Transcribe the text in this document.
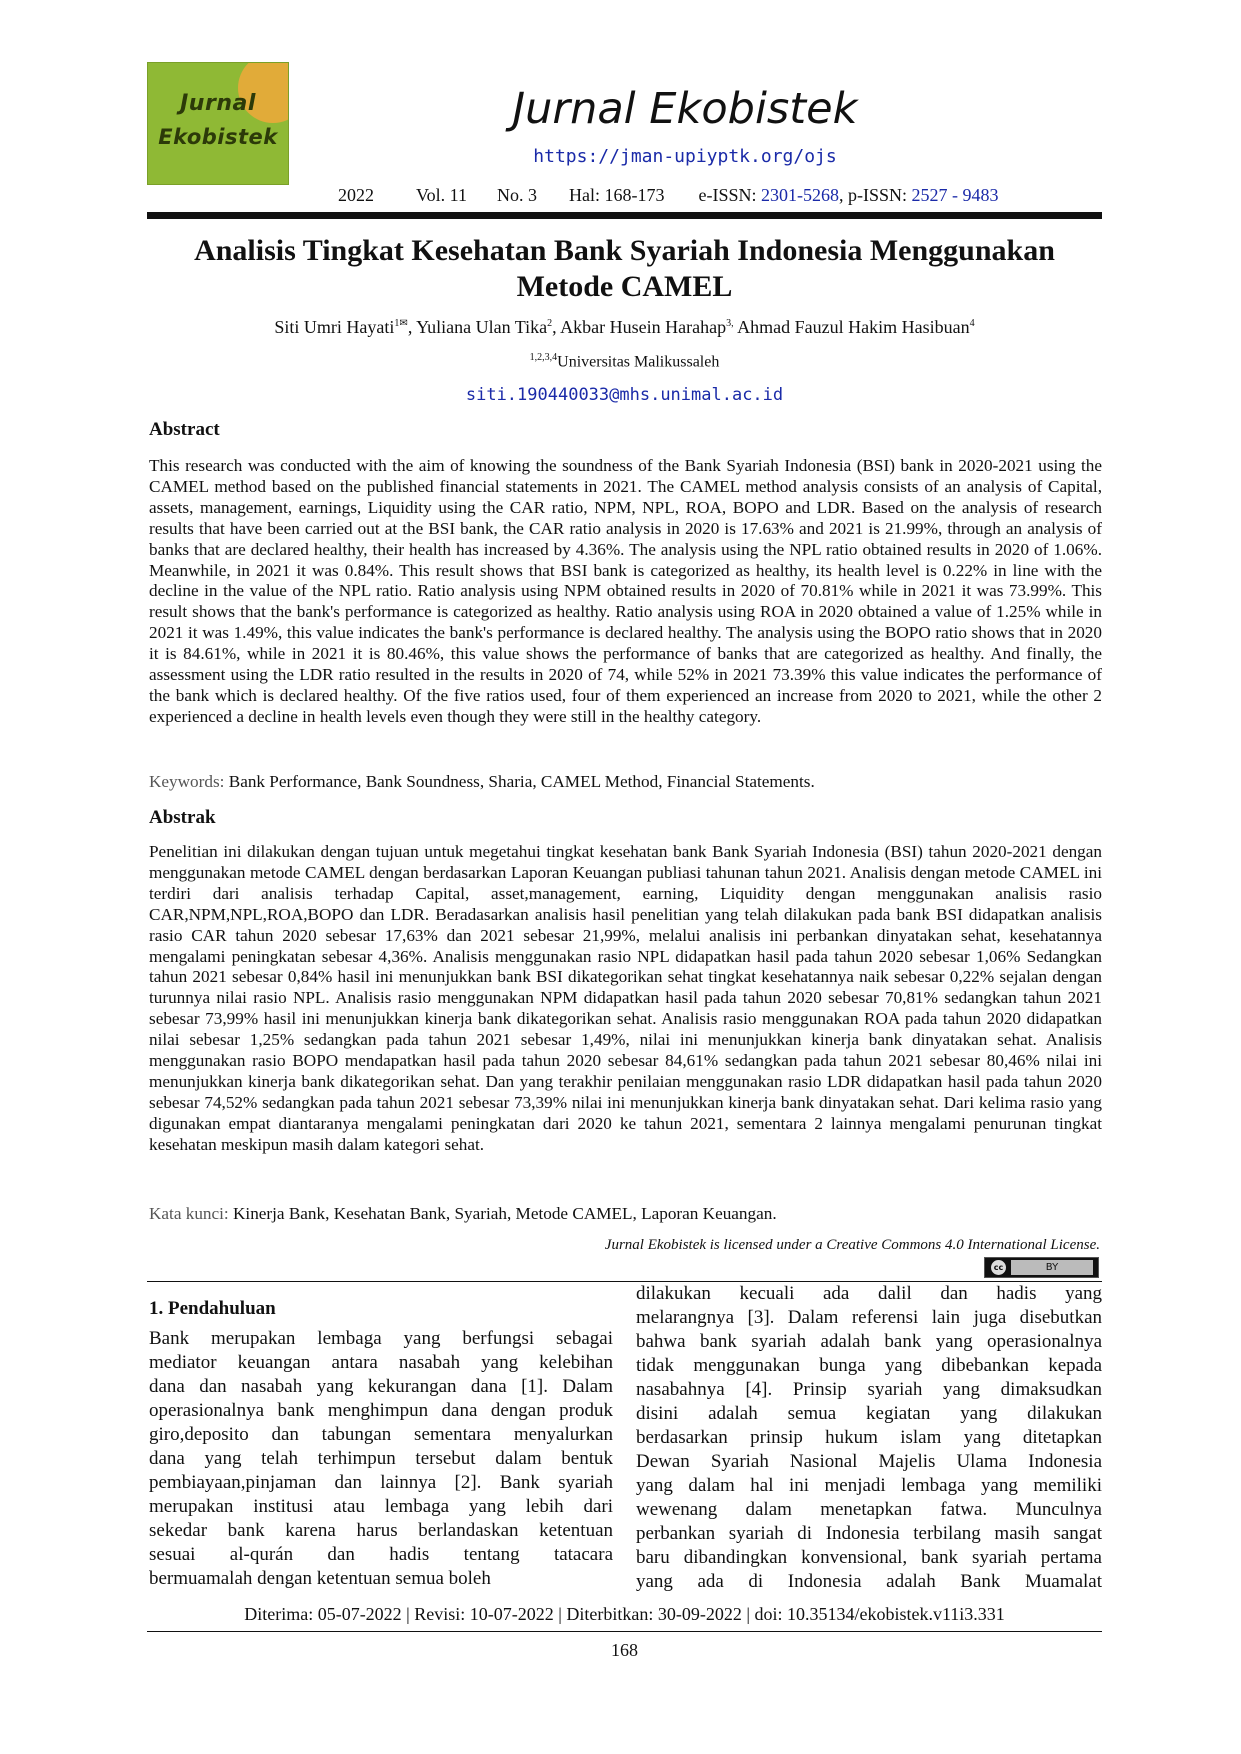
Jurnal
Ekobistek
Jurnal Ekobistek
https://jman-upiyptk.org/ojs
2022 Vol. 11 No. 3 Hal: 168-173 e-ISSN: 2301-5268, p-ISSN: 2527 - 9483
Analisis Tingkat Kesehatan Bank Syariah Indonesia Menggunakan
Metode CAMEL
Siti Umri Hayati$^{1✉}$, Yuliana Ulan Tika$^2$, Akbar Husein Harahap$^{3,}$ Ahmad Fauzul Hakim Hasibuan$^4$
$^{1,2,3,4}$Universitas Malikussaleh
siti.190440033@mhs.unimal.ac.id
Abstract
This research was conducted with the aim of knowing the soundness of the Bank Syariah Indonesia (BSI) bank in 2020-2021 using the CAMEL method based on the published financial statements in 2021. The CAMEL method analysis consists of an analysis of Capital, assets, management, earnings, Liquidity using the CAR ratio, NPM, NPL, ROA, BOPO and LDR. Based on the analysis of research results that have been carried out at the BSI bank, the CAR ratio analysis in 2020 is 17.63% and 2021 is 21.99%, through an analysis of banks that are declared healthy, their health has increased by 4.36%. The analysis using the NPL ratio obtained results in 2020 of 1.06%. Meanwhile, in 2021 it was 0.84%. This result shows that BSI bank is categorized as healthy, its health level is 0.22% in line with the decline in the value of the NPL ratio. Ratio analysis using NPM obtained results in 2020 of 70.81% while in 2021 it was 73.99%. This result shows that the bank's performance is categorized as healthy. Ratio analysis using ROA in 2020 obtained a value of 1.25% while in 2021 it was 1.49%, this value indicates the bank's performance is declared healthy. The analysis using the BOPO ratio shows that in 2020 it is 84.61%, while in 2021 it is 80.46%, this value shows the performance of banks that are categorized as healthy. And finally, the assessment using the LDR ratio resulted in the results in 2020 of 74, while 52% in 2021 73.39% this value indicates the performance of the bank which is declared healthy. Of the five ratios used, four of them experienced an increase from 2020 to 2021, while the other 2 experienced a decline in health levels even though they were still in the healthy category.
Keywords: Bank Performance, Bank Soundness, Sharia, CAMEL Method, Financial Statements.
Abstrak
Penelitian ini dilakukan dengan tujuan untuk megetahui tingkat kesehatan bank Bank Syariah Indonesia (BSI) tahun 2020-2021 dengan menggunakan metode CAMEL dengan berdasarkan Laporan Keuangan publiasi tahunan tahun 2021. Analisis dengan metode CAMEL ini terdiri dari analisis terhadap Capital, asset,management, earning, Liquidity dengan menggunakan analisis rasio CAR,NPM,NPL,ROA,BOPO dan LDR. Beradasarkan analisis hasil penelitian yang telah dilakukan pada bank BSI didapatkan analisis rasio CAR tahun 2020 sebesar 17,63% dan 2021 sebesar 21,99%, melalui analisis ini perbankan dinyatakan sehat, kesehatannya mengalami peningkatan sebesar 4,36%. Analisis menggunakan rasio NPL didapatkan hasil pada tahun 2020 sebesar 1,06% Sedangkan tahun 2021 sebesar 0,84% hasil ini menunjukkan bank BSI dikategorikan sehat tingkat kesehatannya naik sebesar 0,22% sejalan dengan turunnya nilai rasio NPL. Analisis rasio menggunakan NPM didapatkan hasil pada tahun 2020 sebesar 70,81% sedangkan tahun 2021 sebesar 73,99% hasil ini menunjukkan kinerja bank dikategorikan sehat. Analisis rasio menggunakan ROA pada tahun 2020 didapatkan nilai sebesar 1,25% sedangkan pada tahun 2021 sebesar 1,49%, nilai ini menunjukkan kinerja bank dinyatakan sehat. Analisis menggunakan rasio BOPO mendapatkan hasil pada tahun 2020 sebesar 84,61% sedangkan pada tahun 2021 sebesar 80,46% nilai ini menunjukkan kinerja bank dikategorikan sehat. Dan yang terakhir penilaian menggunakan rasio LDR didapatkan hasil pada tahun 2020 sebesar 74,52% sedangkan pada tahun 2021 sebesar 73,39% nilai ini menunjukkan kinerja bank dinyatakan sehat. Dari kelima rasio yang digunakan empat diantaranya mengalami peningkatan dari 2020 ke tahun 2021, sementara 2 lainnya mengalami penurunan tingkat kesehatan meskipun masih dalam kategori sehat.
Kata kunci: Kinerja Bank, Kesehatan Bank, Syariah, Metode CAMEL, Laporan Keuangan.
Jurnal Ekobistek is licensed under a Creative Commons 4.0 International License.
cc	BY
1. Pendahuluan
Bank merupakan lembaga yang berfungsi sebagai
mediator keuangan antara nasabah yang kelebihan
dana dan nasabah yang kekurangan dana [1]. Dalam
operasionalnya bank menghimpun dana dengan produk
giro,deposito dan tabungan sementara menyalurkan
dana yang telah terhimpun tersebut dalam bentuk
pembiayaan,pinjaman dan lainnya [2]. Bank syariah
merupakan institusi atau lembaga yang lebih dari
sekedar bank karena harus berlandaskan ketentuan
sesuai al-qurán dan hadis tentang tatacara
bermuamalah dengan ketentuan semua boleh
dilakukan kecuali ada dalil dan hadis yang
melarangnya [3]. Dalam referensi lain juga disebutkan
bahwa bank syariah adalah bank yang operasionalnya
tidak menggunakan bunga yang dibebankan kepada
nasabahnya [4]. Prinsip syariah yang dimaksudkan
disini adalah semua kegiatan yang dilakukan
berdasarkan prinsip hukum islam yang ditetapkan
Dewan Syariah Nasional Majelis Ulama Indonesia
yang dalam hal ini menjadi lembaga yang memiliki
wewenang dalam menetapkan fatwa. Munculnya
perbankan syariah di Indonesia terbilang masih sangat
baru dibandingkan konvensional, bank syariah pertama
yang ada di Indonesia adalah Bank Muamalat
Diterima: 05-07-2022 | Revisi: 10-07-2022 | Diterbitkan: 30-09-2022 | doi: 10.35134/ekobistek.v11i3.331
168
